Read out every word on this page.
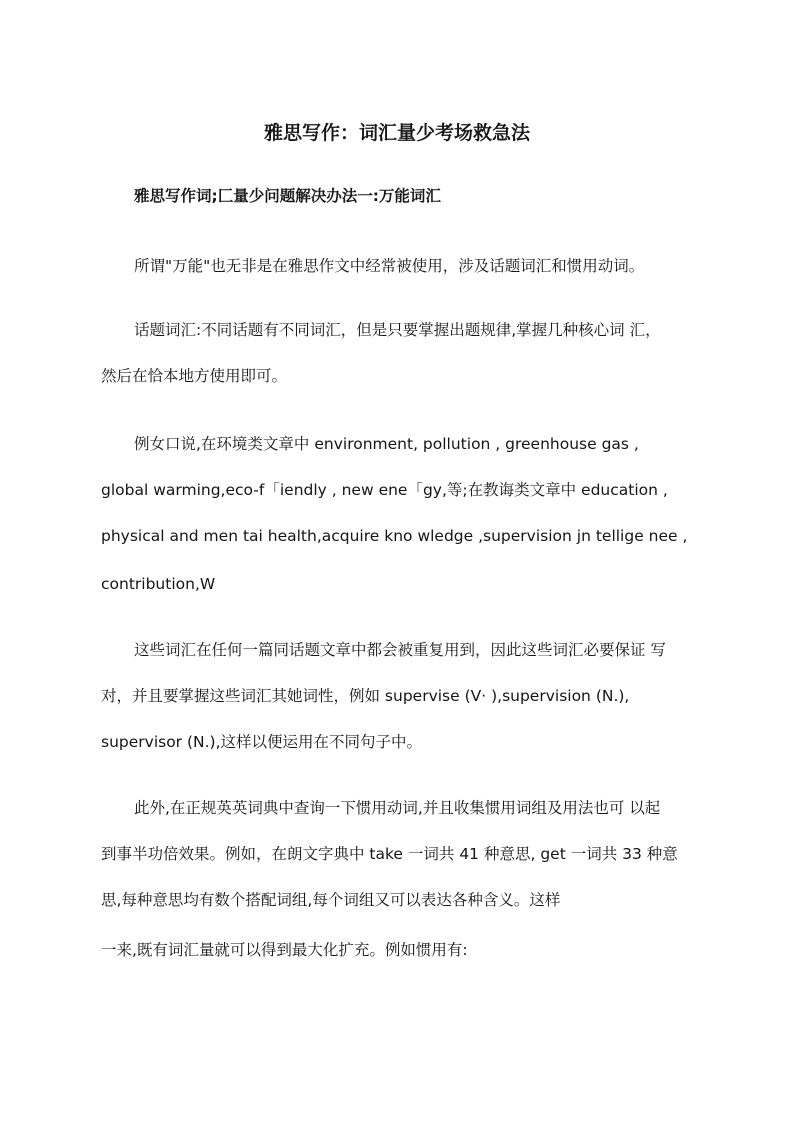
雅思写作：词汇量少考场救急法

雅思写作词;匚量少问题解决办法一:万能词汇

所谓"万能"也无非是在雅思作文中经常被使用，涉及话题词汇和惯用动词。

话题词汇:不同话题有不同词汇，但是只要掌握出题规律,掌握几种核心词 汇，

然后在恰本地方使用即可。

例女口说,在环境类文章中 environment, pollution , greenhouse gas ,

global warming,eco-f「iendly , new ene「gy,等;在教诲类文章中 education ,

physical and men tai health,acquire kno wledge ,supervision jn tellige nee ,

contribution,W

这些词汇在任何一篇同话题文章中都会被重复用到，因此这些词汇必要保证 写

对，并且要掌握这些词汇其她词性，例如 supervise (V· ),supervision (N.),

supervisor (N.),这样以便运用在不同句子中。

此外,在正规英英词典中查询一下惯用动词,并且收集惯用词组及用法也可 以起

到事半功倍效果。例如，在朗文字典中 take 一词共 41 种意思, get 一词共 33 种意

思,每种意思均有数个搭配词组,每个词组又可以表达各种含义。这样

一来,既有词汇量就可以得到最大化扩充。例如惯用有:
